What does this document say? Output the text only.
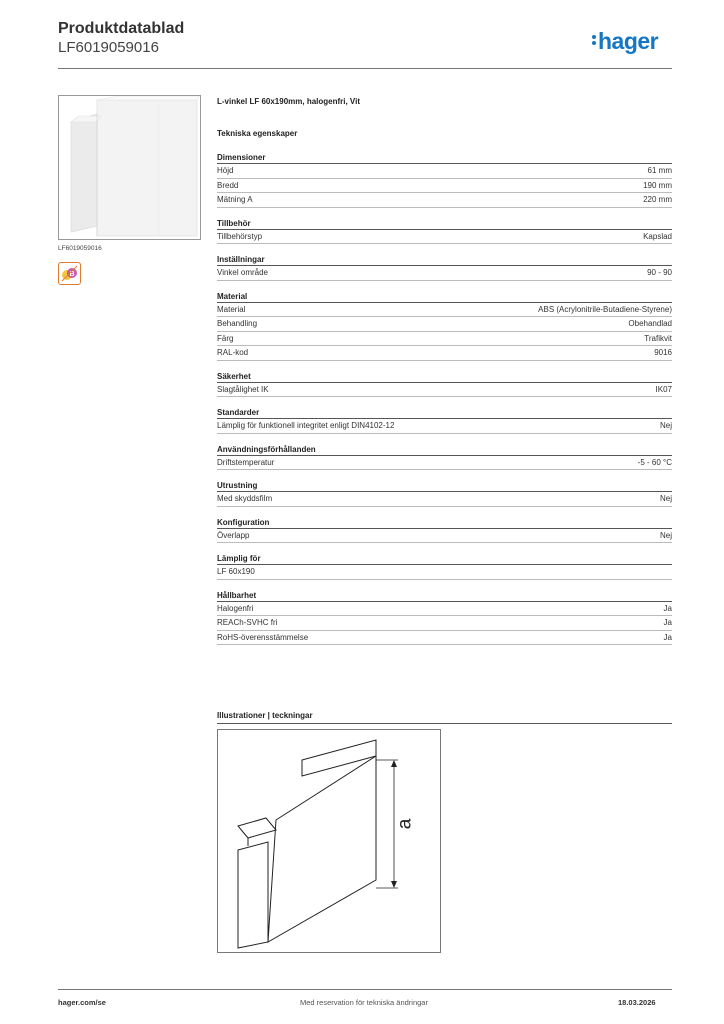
Produktdatablad
LF6019059016	hager
LF6019059016
B
L-vinkel LF 60x190mm, halogenfri, Vit
Tekniska egenskaper
Dimensioner
Höjd	61 mm
Bredd	190 mm
Mätning A	220 mm
Tillbehör
Tillbehörstyp	Kapslad
Inställningar
Vinkel område	90 - 90
Material
Material	ABS (Acrylonitrile-Butadiene-Styrene)
Behandling	Obehandlad
Färg	Trafikvit
RAL-kod	9016
Säkerhet
Slagtålighet IK	IK07
Standarder
Lämplig för funktionell integritet enligt DIN4102-12	Nej
Användningsförhållanden
Driftstemperatur	-5 - 60 °C
Utrustning
Med skyddsfilm	Nej
Konfiguration
Överlapp	Nej
Lämplig för
LF 60x190
Hållbarhet
Halogenfri	Ja
REACh-SVHC fri	Ja
RoHS-överensstämmelse	Ja
Illustrationer | teckningar
a
hager.com/se	Med reservation för tekniska ändringar	18.03.2026
